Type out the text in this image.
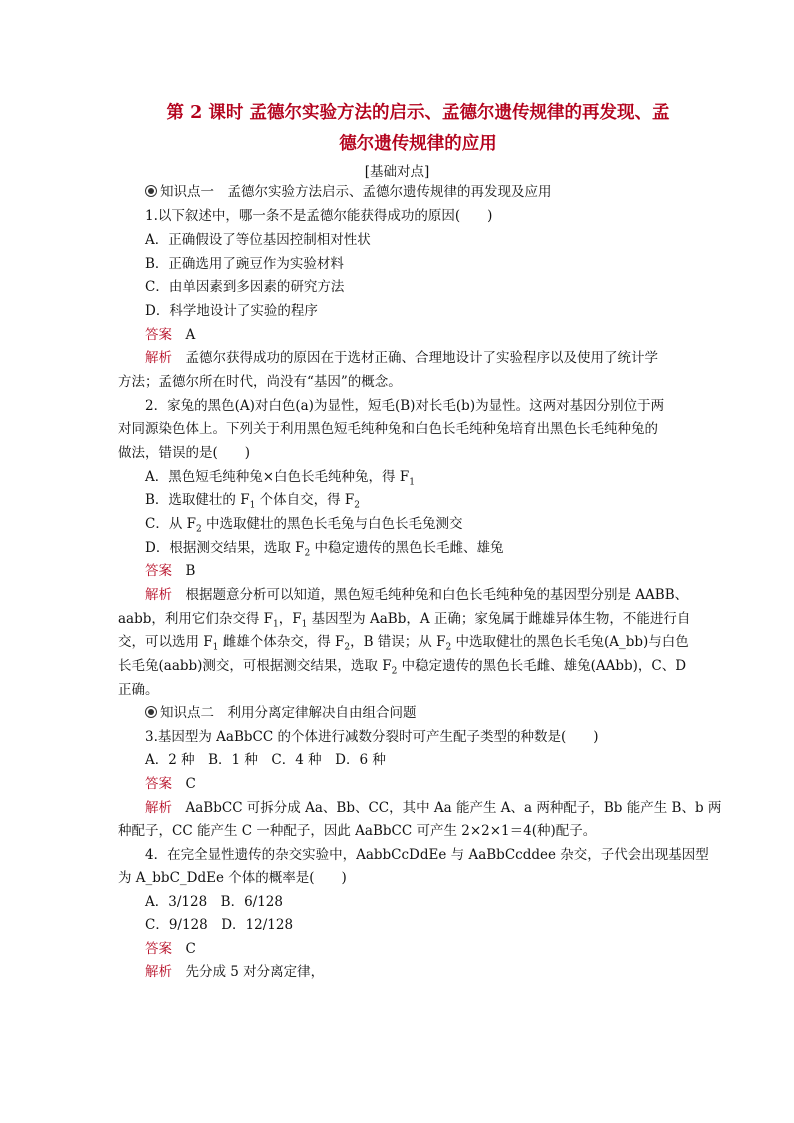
第 2 课时 孟德尔实验方法的启示、孟德尔遗传规律的再发现、孟
德尔遗传规律的应用
[基础对点]
知识点一　 孟德尔实验方法启示、孟德尔遗传规律的再发现及应用
1.以下叙述中，哪一条不是孟德尔能获得成功的原因(　　)
A．正确假设了等位基因控制相对性状
B．正确选用了豌豆作为实验材料
C．由单因素到多因素的研究方法
D．科学地设计了实验的程序
答案　 A
解析　 孟德尔获得成功的原因在于选材正确、合理地设计了实验程序以及使用了统计学
方法；孟德尔所在时代，尚没有“基因”的概念。
2．家兔的黑色(A)对白色(a)为显性，短毛(B)对长毛(b)为显性。这两对基因分别位于两
对同源染色体上。下列关于利用黑色短毛纯种兔和白色长毛纯种兔培育出黑色长毛纯种兔的
做法，错误的是(　　)
A．黑色短毛纯种兔×白色长毛纯种兔，得 $F_1$
B．选取健壮的 $F_1$ 个体自交，得 $F_2$
C．从 $F_2$ 中选取健壮的黑色长毛兔与白色长毛兔测交
D．根据测交结果，选取 $F_2$ 中稳定遗传的黑色长毛雌、雄兔
答案　 B
解析　 根据题意分析可以知道，黑色短毛纯种兔和白色长毛纯种兔的基因型分别是 AABB、
aabb，利用它们杂交得 $F_1$，$F_1$ 基因型为 AaBb，A 正确；家兔属于雌雄异体生物，不能进行自
交，可以选用 $F_1$ 雌雄个体杂交，得 $F_2$，B 错误；从 $F_2$ 中选取健壮的黑色长毛兔(A_bb)与白色
长毛兔(aabb)测交，可根据测交结果，选取 $F_2$ 中稳定遗传的黑色长毛雌、雄兔(AAbb)，C、D
正确。
知识点二　 利用分离定律解决自由组合问题
3.基因型为 AaBbCC 的个体进行减数分裂时可产生配子类型的种数是(　　)
A．2 种　B．1 种　C．4 种　D．6 种
答案　 C
解析　 AaBbCC 可拆分成 Aa、Bb、CC，其中 Aa 能产生 A、a 两种配子，Bb 能产生 B、b 两
种配子，CC 能产生 C 一种配子，因此 AaBbCC 可产生 2×2×1＝4(种)配子。
4．在完全显性遗传的杂交实验中，AabbCcDdEe 与 AaBbCcddee 杂交，子代会出现基因型
为 A_bbC_DdEe 个体的概率是(　　)
A．3/128　B．6/128
C．9/128　D．12/128
答案　 C
解析　 先分成 5 对分离定律，
